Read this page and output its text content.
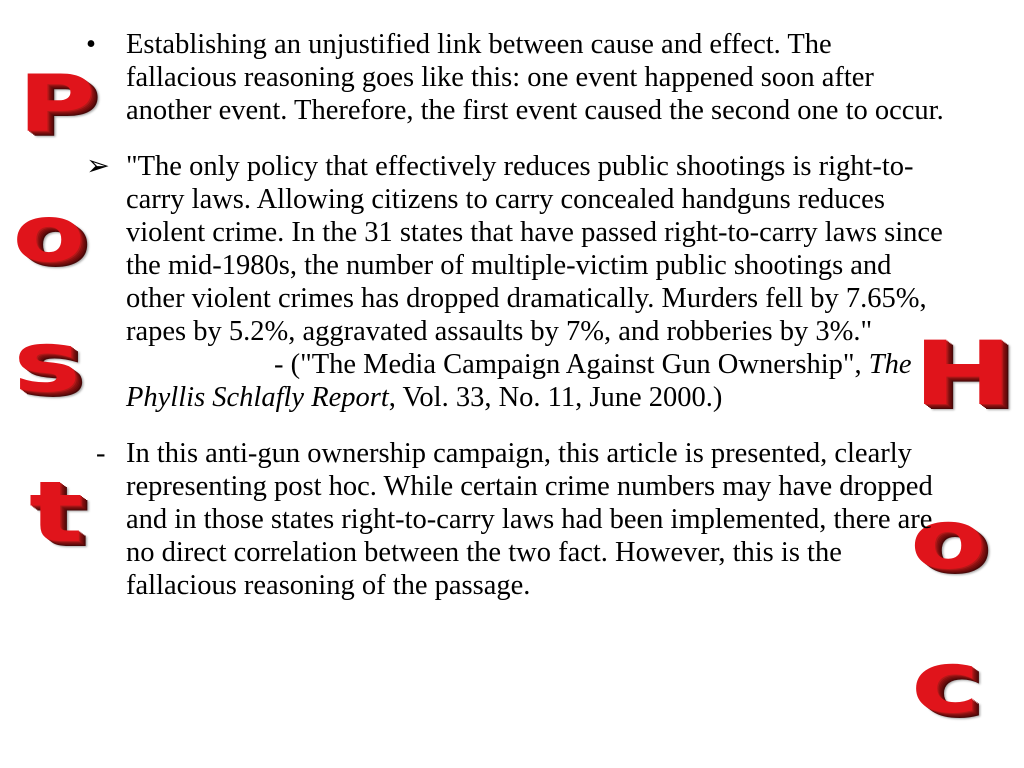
P
o
s
t
H
o
c

•	Establishing an unjustified link between cause and effect. The fallacious reasoning goes like this: one event happened soon after another event. Therefore, the first event caused the second one to occur.

➢ "The only policy that effectively reduces public shootings is right-to-carry laws. Allowing citizens to carry concealed handguns reduces violent crime. In the 31 states that have passed right-to-carry laws since the mid-1980s, the number of multiple-victim public shootings and other violent crimes has dropped dramatically. Murders fell by 7.65%, rapes by 5.2%, aggravated assaults by 7%, and robberies by 3%."- ("The Media Campaign Against Gun Ownership", The Phyllis Schlafly Report, Vol. 33, No. 11, June 2000.)

- In this anti-gun ownership campaign, this article is presented, clearly representing post hoc. While certain crime numbers may have dropped and in those states right-to-carry laws had been implemented, there are no direct correlation between the two fact. However, this is the fallacious reasoning of the passage.
